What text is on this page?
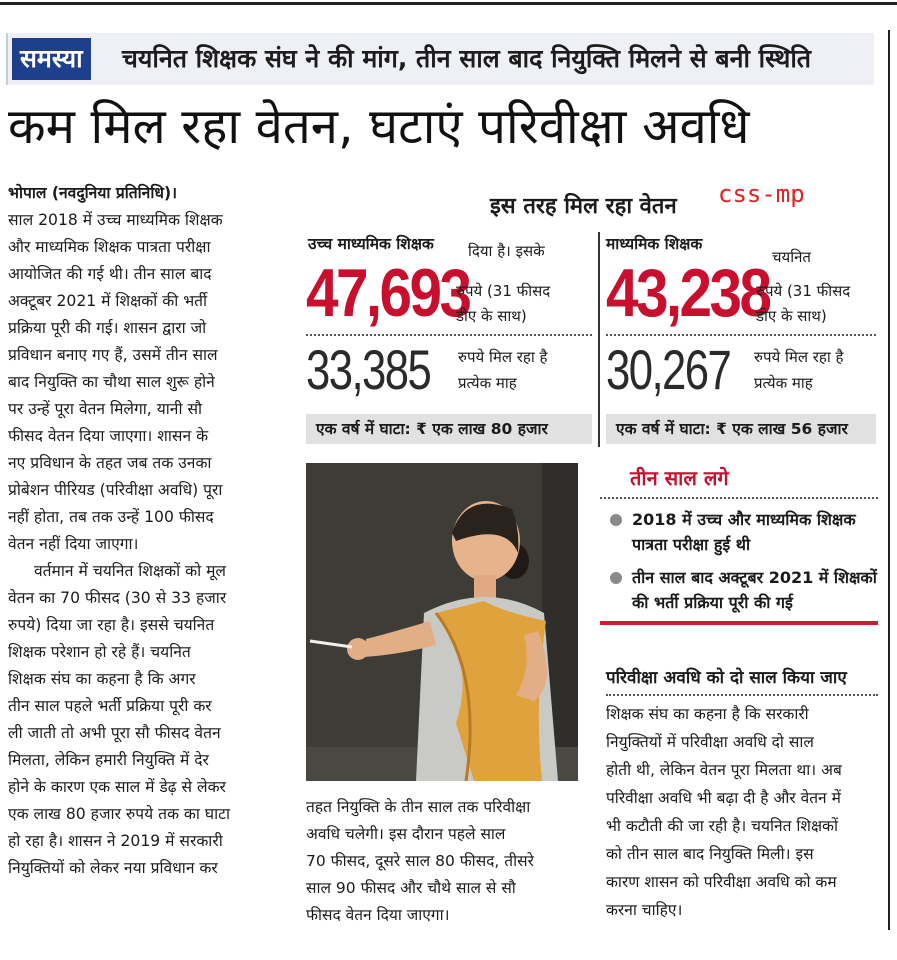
समस्या	चयनित शिक्षक संघ ने की मांग, तीन साल बाद नियुक्ति मिलने से बनी स्थिति
कम मिल रहा वेतन, घटाएं परिवीक्षा अवधि

भोपाल (नवदुनिया प्रतिनिधि)।

साल 2018 में उच्च माध्यमिक शिक्षक

और माध्यमिक शिक्षक पात्रता परीक्षा

आयोजित की गई थी। तीन साल बाद

अक्टूबर 2021 में शिक्षकों की भर्ती

प्रक्रिया पूरी की गई। शासन द्वारा जो

प्रविधान बनाए गए हैं, उसमें तीन साल

बाद नियुक्ति का चौथा साल शुरू होने

पर उन्हें पूरा वेतन मिलेगा, यानी सौ

फीसद वेतन दिया जाएगा। शासन के

नए प्रविधान के तहत जब तक उनका

प्रोबेशन पीरियड (परिवीक्षा अवधि) पूरा

नहीं होता, तब तक उन्हें 100 फीसद

वेतन नहीं दिया जाएगा।

वर्तमान में चयनित शिक्षकों को मूल

वेतन का 70 फीसद (30 से 33 हजार

रुपये) दिया जा रहा है। इससे चयनित

शिक्षक परेशान हो रहे हैं। चयनित

शिक्षक संघ का कहना है कि अगर

तीन साल पहले भर्ती प्रक्रिया पूरी कर

ली जाती तो अभी पूरा सौ फीसद वेतन

मिलता, लेकिन हमारी नियुक्ति में देर

होने के कारण एक साल में डेढ़ से लेकर

एक लाख 80 हजार रुपये तक का घाटा

हो रहा है। शासन ने 2019 में सरकारी

नियुक्तियों को लेकर नया प्रविधान कर

इस तरह मिल रहा वेतन css-mp
उच्च माध्यमिक शिक्षक दिया है। इसके
47,693
रुपये (31 फीसद
डीए के साथ)
33,385 रुपये मिल रहा है
प्रत्येक माह
एक वर्ष में घाटा: ₹ एक लाख 80 हजार
माध्यमिक शिक्षक
चयनित
43,238
रुपये (31 फीसद
डीए के साथ)
30,267 रुपये मिल रहा है
प्रत्येक माह
एक वर्ष में घाटा: ₹ एक लाख 56 हजार
तहत नियुक्ति के तीन साल तक परिवीक्षा
अवधि चलेगी। इस दौरान पहले साल
70 फीसद, दूसरे साल 80 फीसद, तीसरे
साल 90 फीसद और चौथे साल से सौ
फीसद वेतन दिया जाएगा।
तीन साल लगे
2018 में उच्च और माध्यमिक शिक्षक पात्रता परीक्षा हुई थी
तीन साल बाद अक्टूबर 2021 में शिक्षकों की भर्ती प्रक्रिया पूरी की गई
परिवीक्षा अवधि को दो साल किया जाए
शिक्षक संघ का कहना है कि सरकारी
नियुक्तियों में परिवीक्षा अवधि दो साल
होती थी, लेकिन वेतन पूरा मिलता था। अब
परिवीक्षा अवधि भी बढ़ा दी है और वेतन में
भी कटौती की जा रही है। चयनित शिक्षकों
को तीन साल बाद नियुक्ति मिली। इस
कारण शासन को परिवीक्षा अवधि को कम
करना चाहिए।
